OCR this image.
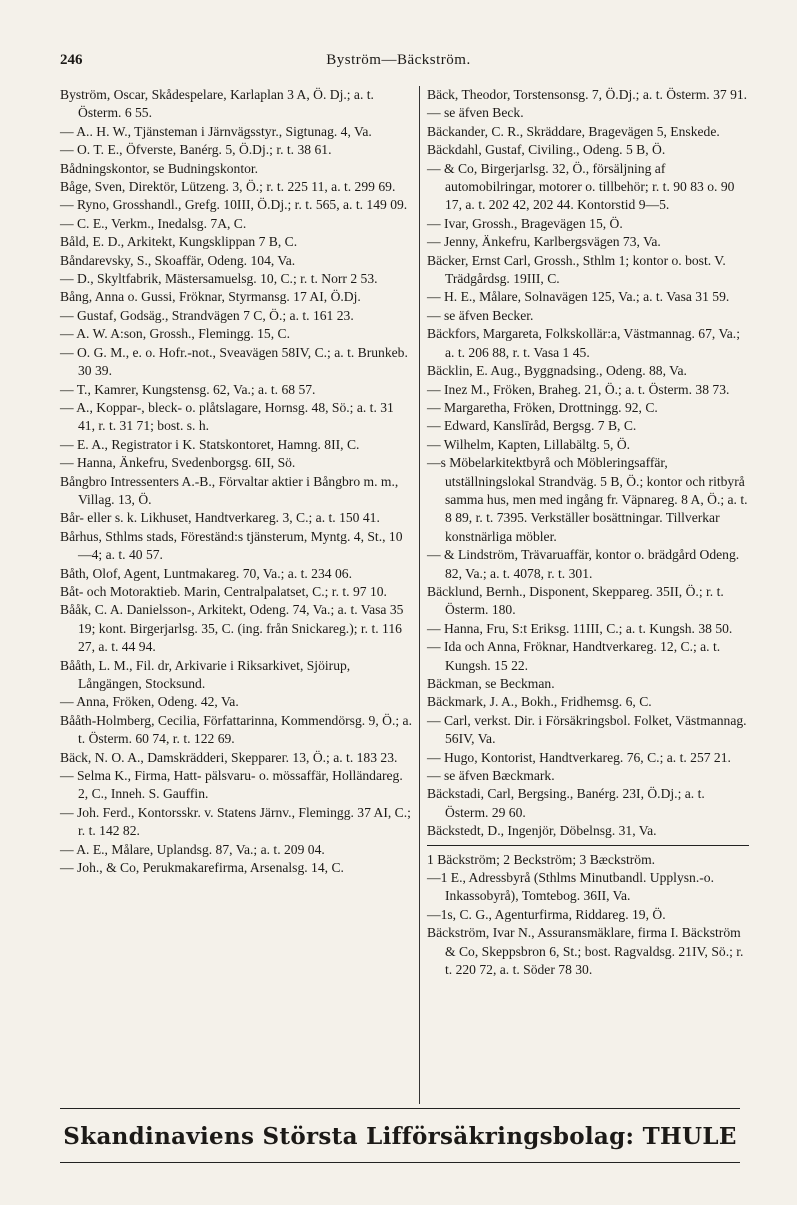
246	Byström—Bäckström.

Byström, Oscar, Skådespelare, Karlaplan 3 A, Ö. Dj.; a. t. Österm. 6 55.

— A.. H. W., Tjänsteman i Järnvägsstyr., Sigtunag. 4, Va.

— O. T. E., Öfverste, Banérg. 5, Ö.Dj.; r. t. 38 61.

Bådningskontor, se Budningskontor.

Båge, Sven, Direktör, Lützeng. 3, Ö.; r. t. 225 11, a. t. 299 69.

— Ryno, Grosshandl., Grefg. 10III, Ö.Dj.; r. t. 565, a. t. 149 09.

— C. E., Verkm., Inedalsg. 7A, C.

Båld, E. D., Arkitekt, Kungsklippan 7 B, C.

Båndarevsky, S., Skoaffär, Odeng. 104, Va.

— D., Skyltfabrik, Mästersamuelsg. 10, C.; r. t. Norr 2 53.

Bång, Anna o. Gussi, Fröknar, Styrmansg. 17 AI, Ö.Dj.

— Gustaf, Godsäg., Strandvägen 7 C, Ö.; a. t. 161 23.

— A. W. A:son, Grossh., Flemingg. 15, C.

— O. G. M., e. o. Hofr.-not., Sveavägen 58IV, C.; a. t. Brunkeb. 30 39.

— T., Kamrer, Kungstensg. 62, Va.; a. t. 68 57.

— A., Koppar-, bleck- o. plåtslagare, Hornsg. 48, Sö.; a. t. 31 41, r. t. 31 71; bost. s. h.

— E. A., Registrator i K. Statskontoret, Hamng. 8II, C.

— Hanna, Änkefru, Svedenborgsg. 6II, Sö.

Bångbro Intressenters A.-B., Förvaltar aktier i Bångbro m. m., Villag. 13, Ö.

Bår- eller s. k. Likhuset, Handtverkareg. 3, C.; a. t. 150 41.

Bårhus, Sthlms stads, Föreständ:s tjänsterum, Myntg. 4, St., 10—4; a. t. 40 57.

Båth, Olof, Agent, Luntmakareg. 70, Va.; a. t. 234 06.

Båt- och Motoraktieb. Marin, Centralpalatset, C.; r. t. 97 10.

Bååk, C. A. Danielsson-, Arkitekt, Odeng. 74, Va.; a. t. Vasa 35 19; kont. Birgerjarlsg. 35, C. (ing. från Snickareg.); r. t. 116 27, a. t. 44 94.

Bååth, L. M., Fil. dr, Arkivarie i Riksarkivet, Sjöirup, Långängen, Stocksund.

— Anna, Fröken, Odeng. 42, Va.

Bååth-Holmberg, Cecilia, Författarinna, Kommendörsg. 9, Ö.; a. t. Österm. 60 74, r. t. 122 69.

Bäck, N. O. A., Damskrädderi, Skepparег. 13, Ö.; a. t. 183 23.

— Selma K., Firma, Hatt- pälsvaru- o. mössaffär, Holländareg. 2, C., Inneh. S. Gauffin.

— Joh. Ferd., Kontorsskr. v. Statens Järnv., Flemingg. 37 AI, C.; r. t. 142 82.

— A. E., Målare, Uplandsg. 87, Va.; a. t. 209 04.

— Joh., & Co, Perukmakarefirma, Arsenalsg. 14, C.

Bäck, Theodor, Torstensonsg. 7, Ö.Dj.; a. t. Österm. 37 91.

— se äfven Beck.

Bäckander, C. R., Skräddare, Bragevägen 5, Enskede.

Bäckdahl, Gustaf, Civiling., Odeng. 5 B, Ö.

— & Co, Birgerjarlsg. 32, Ö., försäljning af automobilringar, motorer o. tillbehör; r. t. 90 83 o. 90 17, a. t. 202 42, 202 44. Kontorstid 9—5.

— Ivar, Grossh., Bragevägen 15, Ö.

— Jenny, Änkefru, Karlbergsvägen 73, Va.

Bäcker, Ernst Carl, Grossh., Sthlm 1; kontor o. bost. V. Trädgårdsg. 19III, C.

— H. E., Målare, Solnavägen 125, Va.; a. t. Vasa 31 59.

— se äfven Becker.

Bäckfors, Margareta, Folkskollär:a, Västmannag. 67, Va.; a. t. 206 88, r. t. Vasa 1 45.

Bäcklin, E. Aug., Byggnadsing., Odeng. 88, Va.

— Inez M., Fröken, Braheg. 21, Ö.; a. t. Österm. 38 73.

— Margaretha, Fröken, Drottningg. 92, C.

— Edward, Kanslīråd, Bergsg. 7 B, C.

— Wilhelm, Kapten, Lillabältg. 5, Ö.

—s Möbelarkitektbyrå och Möbleringsaffär, utställningslokal Strandväg. 5 B, Ö.; kontor och ritbyrå samma hus, men med ingång fr. Väpnareg. 8 A, Ö.; a. t. 8 89, r. t. 7395. Verkställer bosättningar. Tillverkar konstnärliga möbler.

— & Lindström, Trävaruaffär, kontor o. brädgård Odeng. 82, Va.; a. t. 4078, r. t. 301.

Bäcklund, Bernh., Disponent, Skeppareg. 35II, Ö.; r. t. Österm. 180.

— Hanna, Fru, S:t Eriksg. 11III, C.; a. t. Kungsh. 38 50.

— Ida och Anna, Fröknar, Handtverkareg. 12, C.; a. t. Kungsh. 15 22.

Bäckman, se Beckman.

Bäckmark, J. A., Bokh., Fridhemsg. 6, C.

— Carl, verkst. Dir. i Försäkringsbol. Folket, Västmannag. 56IV, Va.

— Hugo, Kontorist, Handtverkareg. 76, C.; a. t. 257 21.

— se äfven Bæckmark.

Bäckstadi, Carl, Bergsing., Banérg. 23I, Ö.Dj.; a. t. Österm. 29 60.

Bäckstedt, D., Ingenjör, Döbelnsg. 31, Va.

1 Bäckström; 2 Beckström; 3 Bæckström.

—1 E., Adressbyrå (Sthlms Minutbandl. Upplysn.-o. Inkassobyrå), Tomtebog. 36II, Va.

—1s, C. G., Agenturfirma, Riddareg. 19, Ö.

Bäckström, Ivar N., Assuransmäklare, firma I. Bäckström & Co, Skeppsbron 6, St.; bost. Ragvaldsg. 21IV, Sö.; r. t. 220 72, a. t. Söder 78 30.

Skandinaviens Största Lifförsäkringsbolag: THULE
